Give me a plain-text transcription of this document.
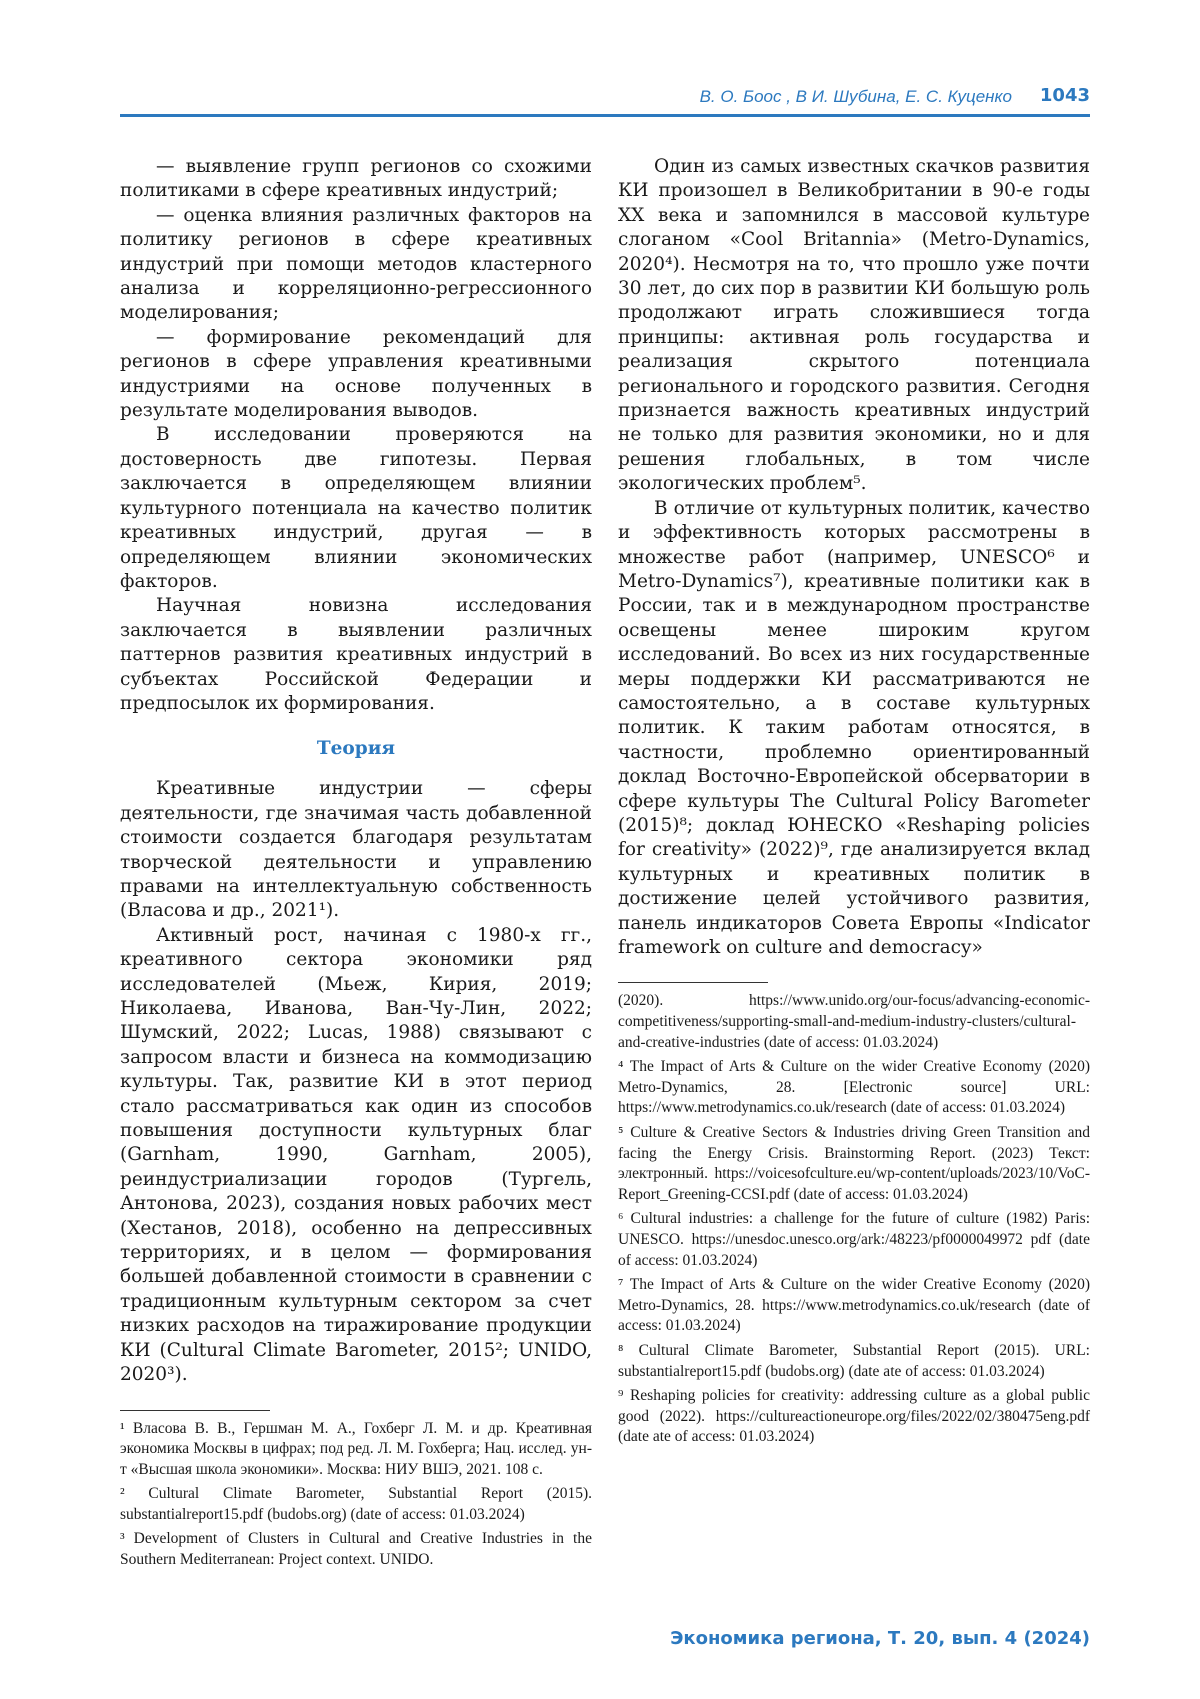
В. О. Боос , В И. Шубина, Е. С. Куценко 1043

— выявление групп регионов со схожими политиками в сфере креативных индустрий;

— оценка влияния различных факторов на политику регионов в сфере креативных индустрий при помощи методов кластерного анализа и корреляционно-регрессионного моделирования;

— формирование рекомендаций для регионов в сфере управления креативными индустриями на основе полученных в результате моделирования выводов.

В исследовании проверяются на достоверность две гипотезы. Первая заключается в определяющем влиянии культурного потенциала на качество политик креативных индустрий, другая — в определяющем влиянии экономических факторов.

Научная новизна исследования заключается в выявлении различных паттернов развития креативных индустрий в субъектах Российской Федерации и предпосылок их формирования.

Теория

Креативные индустрии — сферы деятельности, где значимая часть добавленной стоимости создается благодаря результатам творческой деятельности и управлению правами на интеллектуальную собственность (Власова и др., 2021¹).

Активный рост, начиная с 1980-х гг., креативного сектора экономики ряд исследователей (Мьеж, Кирия, 2019; Николаева, Иванова, Ван-Чу-Лин, 2022; Шумский, 2022; Lucas, 1988) связывают с запросом власти и бизнеса на коммодизацию культуры. Так, развитие КИ в этот период стало рассматриваться как один из способов повышения доступности культурных благ (Garnham, 1990, Garnham, 2005), реиндустриализации городов (Тургель, Антонова, 2023), создания новых рабочих мест (Хестанов, 2018), особенно на депрессивных территориях, и в целом — формирования большей добавленной стоимости в сравнении с традиционным культурным сектором за счет низких расходов на тиражирование продукции КИ (Cultural Climate Barometer, 2015²; UNIDO, 2020³).

¹ Власова В. В., Гершман М. А., Гохберг Л. М. и др. Креативная экономика Москвы в цифрах; под ред. Л. М. Гохберга; Нац. исслед. ун-т «Высшая школа экономики». Москва: НИУ ВШЭ, 2021. 108 с.
² Cultural Climate Barometer, Substantial Report (2015). substantialreport15.pdf (budobs.org) (date of access: 01.03.2024)
³ Development of Clusters in Cultural and Creative Industries in the Southern Mediterranean: Project context. UNIDO.

Один из самых известных скачков развития КИ произошел в Великобритании в 90-е годы XX века и запомнился в массовой культуре слоганом «Cool Britannia» (Metro-Dynamics, 2020⁴). Несмотря на то, что прошло уже почти 30 лет, до сих пор в развитии КИ большую роль продолжают играть сложившиеся тогда принципы: активная роль государства и реализация скрытого потенциала регионального и городского развития. Сегодня признается важность креативных индустрий не только для развития экономики, но и для решения глобальных, в том числе экологических проблем⁵.

В отличие от культурных политик, качество и эффективность которых рассмотрены в множестве работ (например, UNESCO⁶ и Metro-Dynamics⁷), креативные политики как в России, так и в международном пространстве освещены менее широким кругом исследований. Во всех из них государственные меры поддержки КИ рассматриваются не самостоятельно, а в составе культурных политик. К таким работам относятся, в частности, проблемно ориентированный доклад Восточно-Европейской обсерватории в сфере культуры The Cultural Policy Barometer (2015)⁸; доклад ЮНЕСКО «Reshaping policies for creativity» (2022)⁹, где анализируется вклад культурных и креативных политик в достижение целей устойчивого развития, панель индикаторов Совета Европы «Indicator framework on culture and democracy»

(2020). https://www.unido.org/our-focus/advancing-economic-competitiveness/supporting-small-and-medium-industry-clusters/cultural-and-creative-industries (date of access: 01.03.2024)
⁴ The Impact of Arts & Culture on the wider Creative Economy (2020) Metro-Dynamics, 28. [Electronic source] URL: https://www.metrodynamics.co.uk/research (date of access: 01.03.2024)
⁵ Culture & Creative Sectors & Industries driving Green Transition and facing the Energy Crisis. Brainstorming Report. (2023) Текст: электронный. https://voicesofculture.eu/wp-content/uploads/2023/10/VoC-Report_Greening-CCSI.pdf (date of access: 01.03.2024)
⁶ Cultural industries: a challenge for the future of culture (1982) Paris: UNESCO. https://unesdoc.unesco.org/ark:/48223/pf0000049972 pdf (date of access: 01.03.2024)
⁷ The Impact of Arts & Culture on the wider Creative Economy (2020) Metro-Dynamics, 28. https://www.metrodynamics.co.uk/research (date of access: 01.03.2024)
⁸ Cultural Climate Barometer, Substantial Report (2015). URL: substantialreport15.pdf (budobs.org) (date ate of access: 01.03.2024)
⁹ Reshaping policies for creativity: addressing culture as a global public good (2022). https://cultureactioneurope.org/files/2022/02/380475eng.pdf (date ate of access: 01.03.2024)
Экономика региона, Т. 20, вып. 4 (2024)
